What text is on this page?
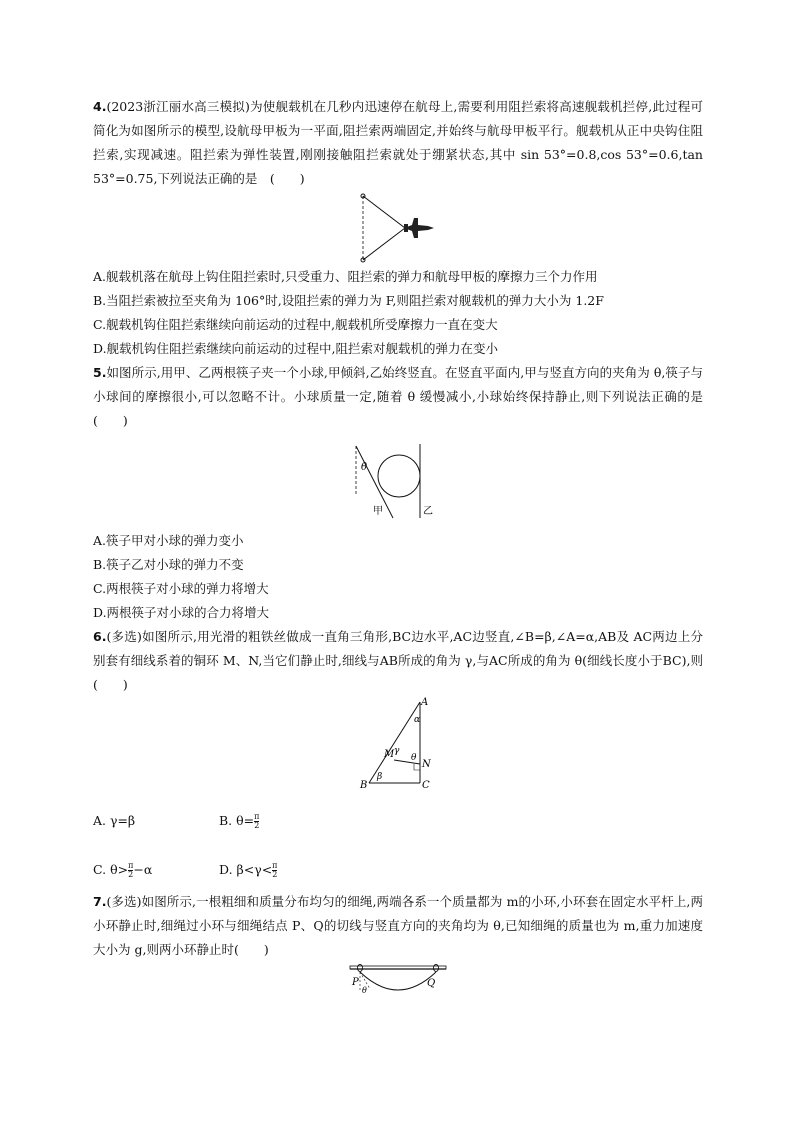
4.(2023浙江丽水高三模拟)为使舰载机在几秒内迅速停在航母上,需要利用阻拦索将高速舰载机拦停,此过程可简化为如图所示的模型,设航母甲板为一平面,阻拦索两端固定,并始终与航母甲板平行。舰载机从正中央钩住阻拦索,实现减速。阻拦索为弹性装置,刚刚接触阻拦索就处于绷紧状态,其中 sin 53°=0.8,cos 53°=0.6,tan 53°=0.75,下列说法正确的是　(　　)

A.舰载机落在航母上钩住阻拦索时,只受重力、阻拦索的弹力和航母甲板的摩擦力三个力作用
B.当阻拦索被拉至夹角为 106°时,设阻拦索的弹力为 F,则阻拦索对舰载机的弹力大小为 1.2F
C.舰载机钩住阻拦索继续向前运动的过程中,舰载机所受摩擦力一直在变大
D.舰载机钩住阻拦索继续向前运动的过程中,阻拦索对舰载机的弹力在变小

5.如图所示,用甲、乙两根筷子夹一个小球,甲倾斜,乙始终竖直。在竖直平面内,甲与竖直方向的夹角为 θ,筷子与小球间的摩擦很小,可以忽略不计。小球质量一定,随着 θ 缓慢减小,小球始终保持静止,则下列说法正确的是(　　)

θ
甲	乙
A.筷子甲对小球的弹力变小
B.筷子乙对小球的弹力不变
C.两根筷子对小球的弹力将增大
D.两根筷子对小球的合力将增大

6.(多选)如图所示,用光滑的粗铁丝做成一直角三角形,BC边水平,AC边竖直,∠B=β,∠A=α,AB及 AC两边上分别套有细线系着的铜环 M、N,当它们静止时,细线与AB所成的角为 γ,与AC所成的角为 θ(细线长度小于BC),则(　　)

A
B	C
M
N
α
β
γ
θ
A. γ=β	B. $\theta= \frac{\pi}{2}$
C. $\theta> \frac{\pi}{2} -\alpha$	D. $\beta<\gamma< \frac{\pi}{2}$

7.(多选)如图所示,一根粗细和质量分布均匀的细绳,两端各系一个质量都为 m的小环,小环套在固定水平杆上,两小环静止时,细绳过小环与细绳结点 P、Q的切线与竖直方向的夹角均为 θ,已知细绳的质量也为 m,重力加速度大小为 g,则两小环静止时(　　)

P	Q
θ
